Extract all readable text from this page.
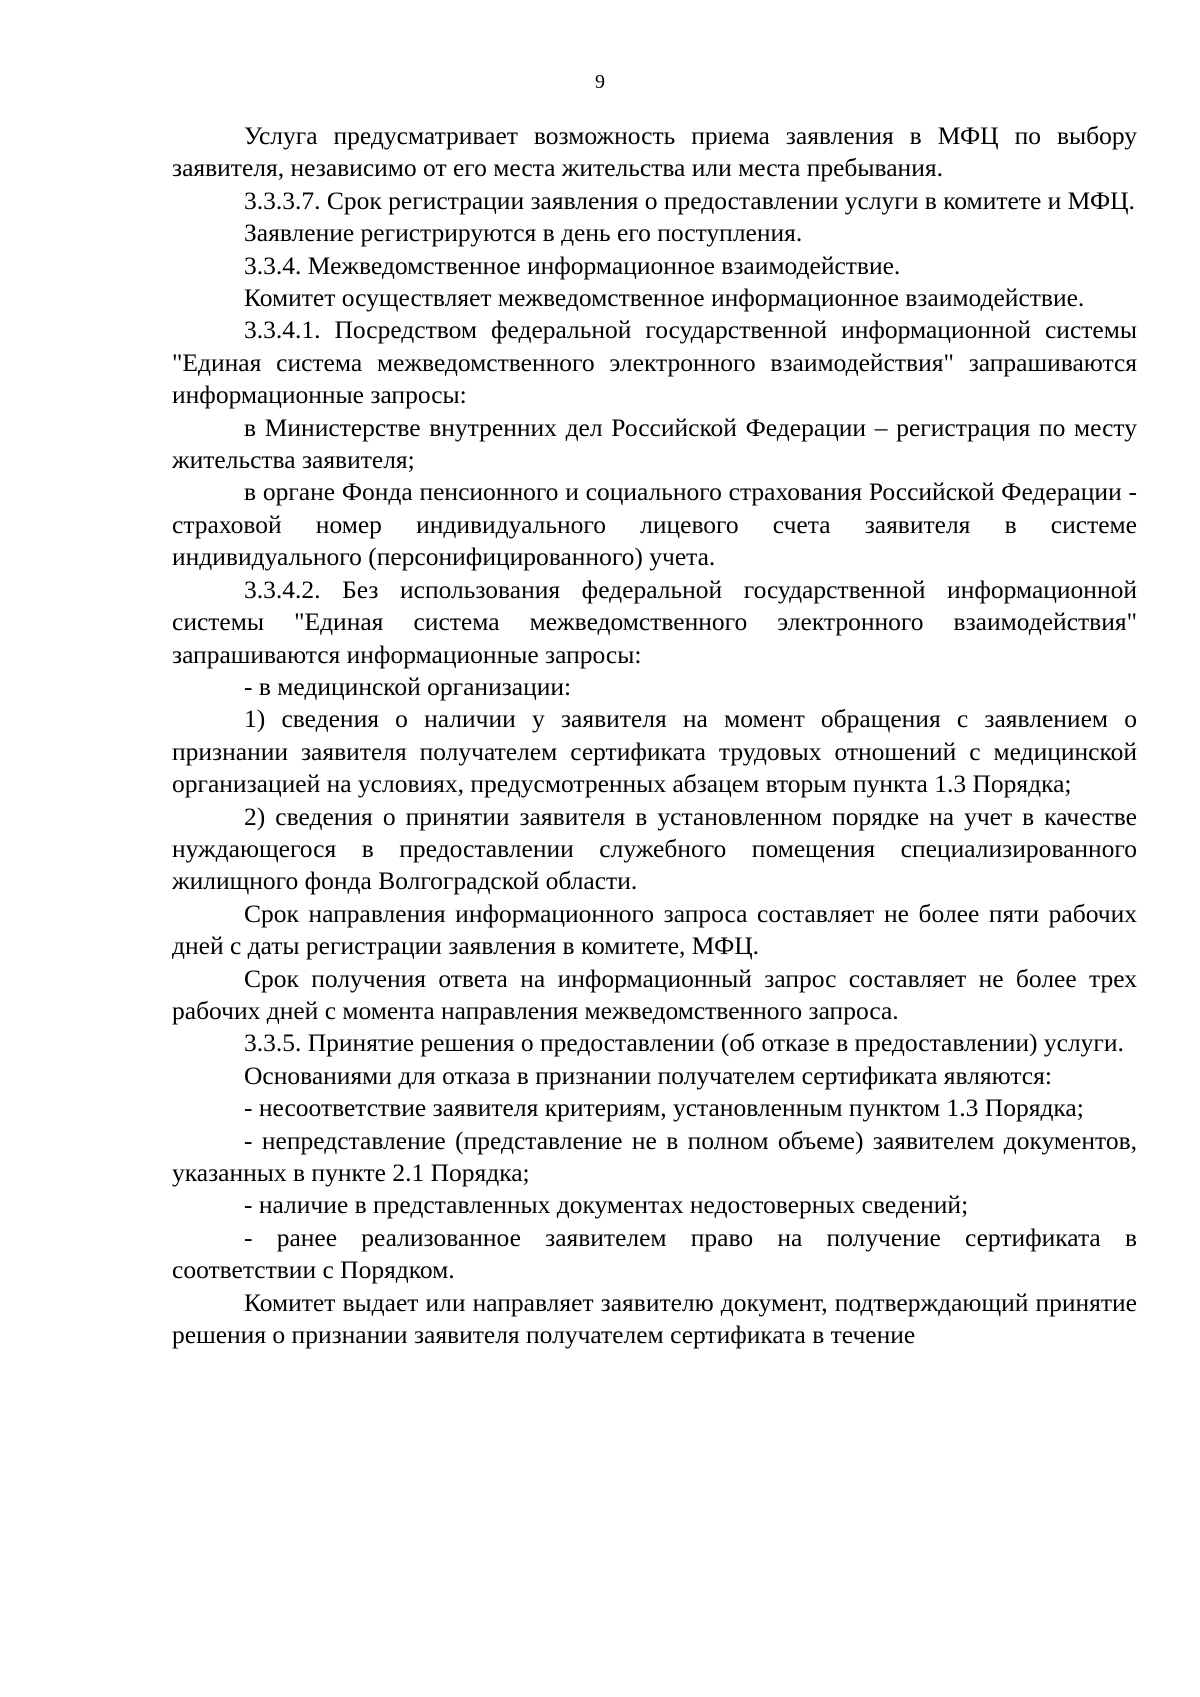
9

Услуга предусматривает возможность приема заявления в МФЦ по выбору заявителя, независимо от его места жительства или места пребывания.

3.3.3.7. Срок регистрации заявления о предоставлении услуги в комитете и МФЦ.

Заявление регистрируются в день его поступления.

3.3.4. Межведомственное информационное взаимодействие.

Комитет осуществляет межведомственное информационное взаимодействие.

3.3.4.1. Посредством федеральной государственной информационной системы "Единая система межведомственного электронного взаимодействия" запрашиваются информационные запросы:

в Министерстве внутренних дел Российской Федерации – регистрация по месту жительства заявителя;

в органе Фонда пенсионного и социального страхования Российской Федерации - страховой номер индивидуального лицевого счета заявителя в системе индивидуального (персонифицированного) учета.

3.3.4.2. Без использования федеральной государственной информационной системы "Единая система межведомственного электронного взаимодействия" запрашиваются информационные запросы:

- в медицинской организации:

1) сведения о наличии у заявителя на момент обращения с заявлением о признании заявителя получателем сертификата трудовых отношений с медицинской организацией на условиях, предусмотренных абзацем вторым пункта 1.3 Порядка;

2) сведения о принятии заявителя в установленном порядке на учет в качестве нуждающегося в предоставлении служебного помещения специализированного жилищного фонда Волгоградской области.

Срок направления информационного запроса составляет не более пяти рабочих дней с даты регистрации заявления в комитете, МФЦ.

Срок получения ответа на информационный запрос составляет не более трех рабочих дней с момента направления межведомственного запроса.

3.3.5. Принятие решения о предоставлении (об отказе в предоставлении) услуги.

Основаниями для отказа в признании получателем сертификата являются:

- несоответствие заявителя критериям, установленным пунктом 1.3 Порядка;

- непредставление (представление не в полном объеме) заявителем документов, указанных в пункте 2.1 Порядка;

- наличие в представленных документах недостоверных сведений;

- ранее реализованное заявителем право на получение сертификата в соответствии с Порядком.

Комитет выдает или направляет заявителю документ, подтверждающий принятие решения о признании заявителя получателем сертификата в течение
